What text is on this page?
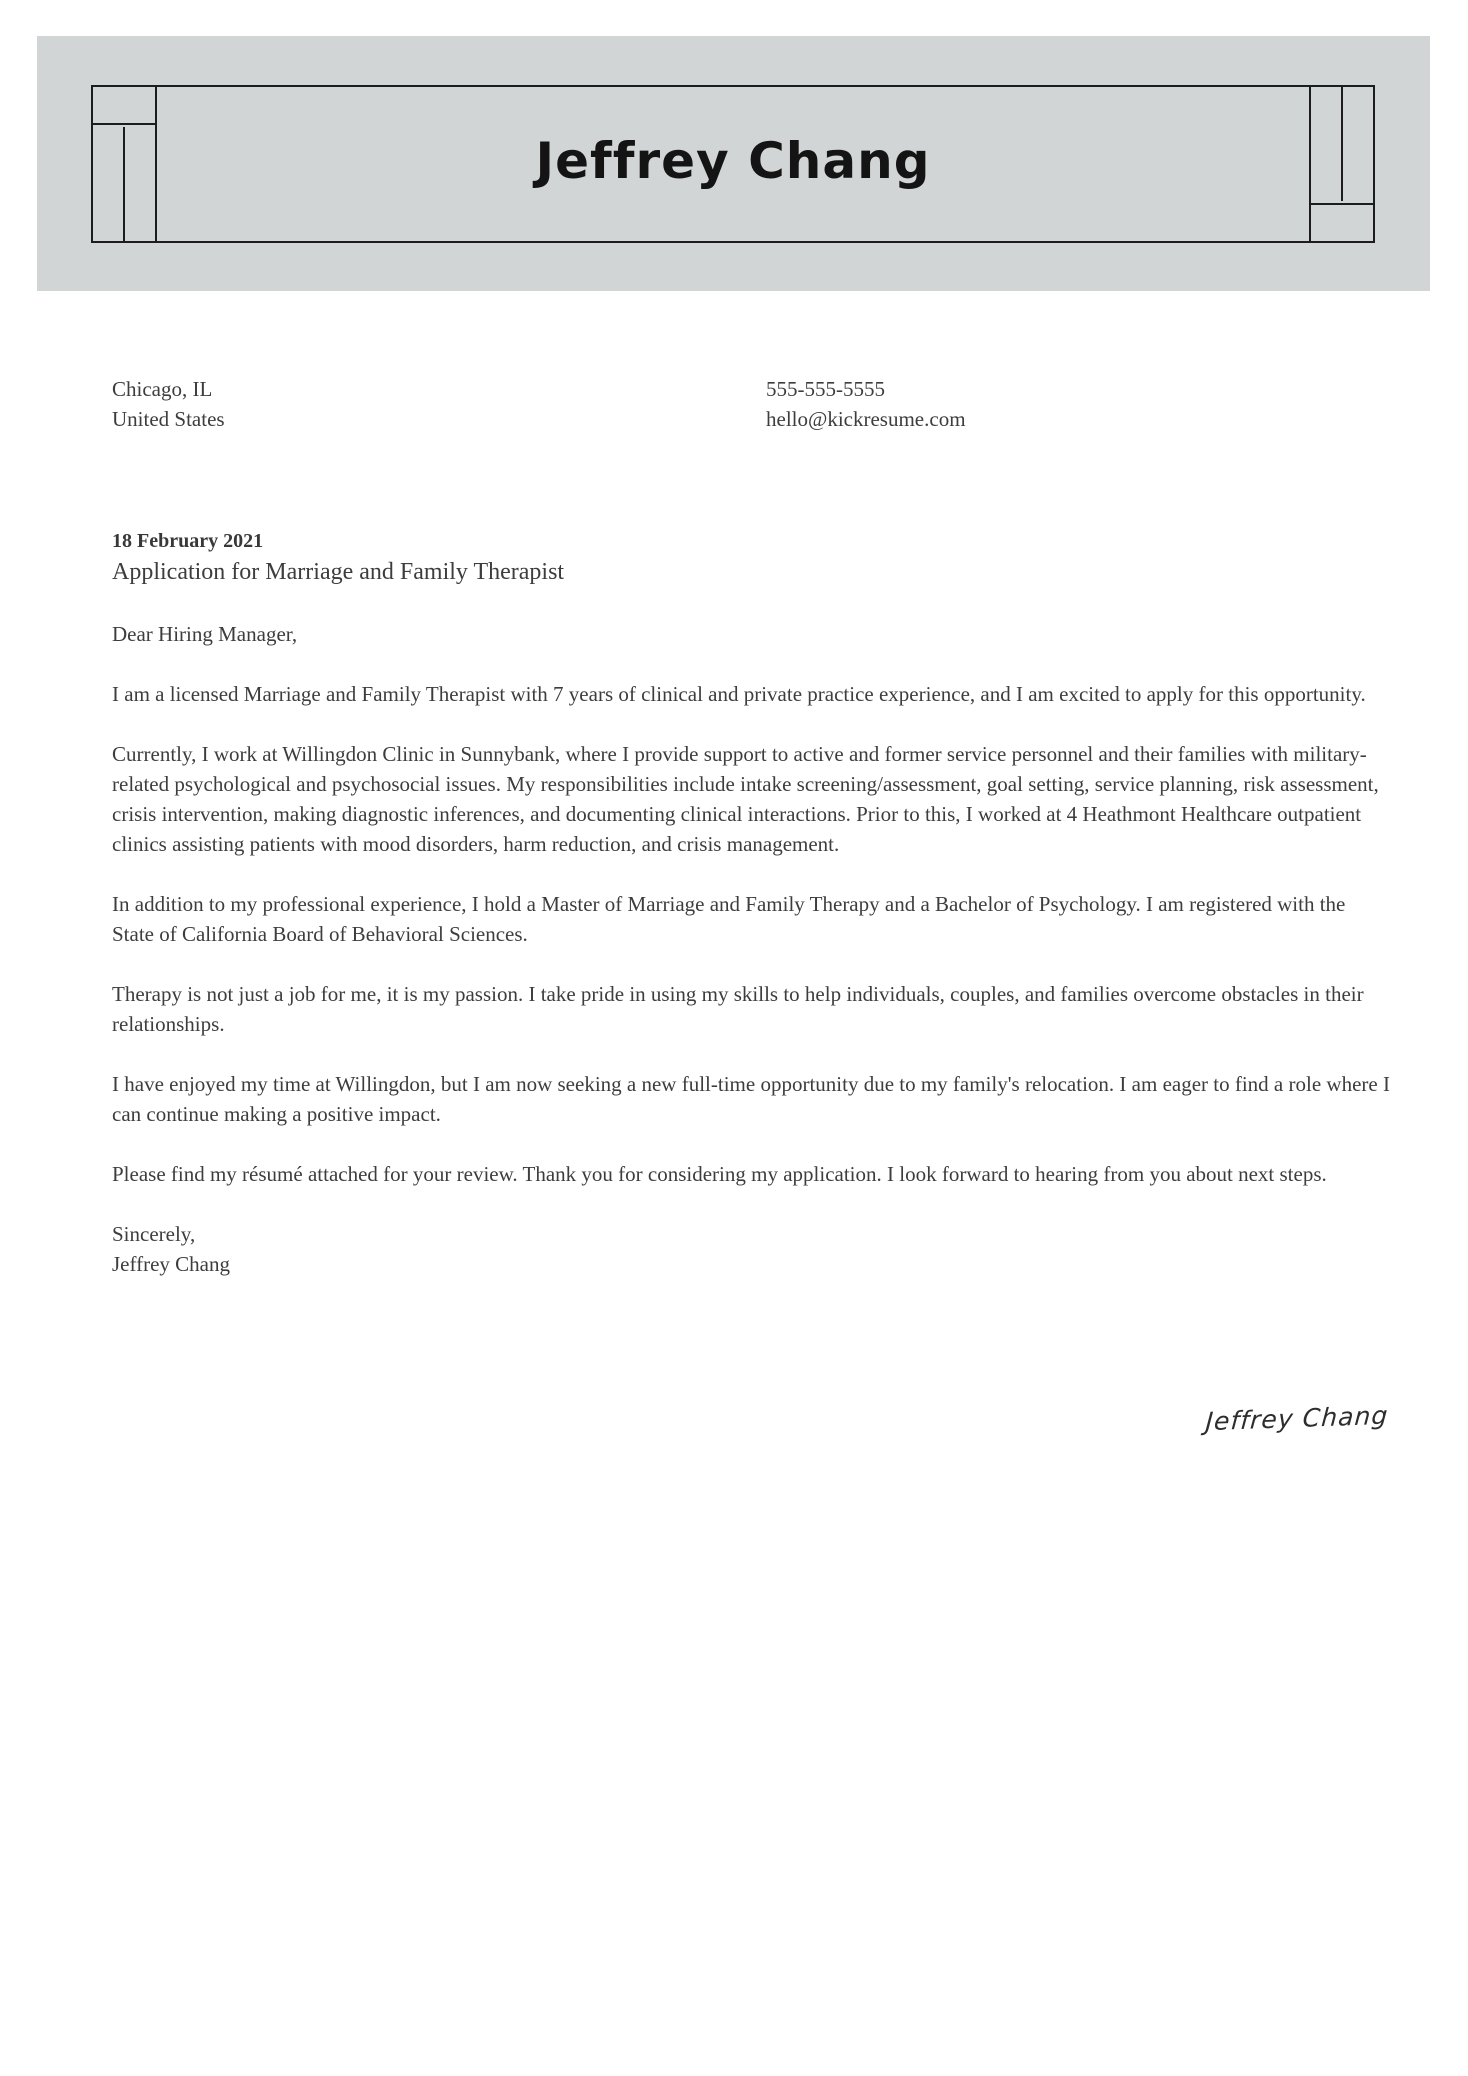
Jeffrey Chang
Chicago, IL
United States
555-555-5555
hello@kickresume.com
18 February 2021
Application for Marriage and Family Therapist
Dear Hiring Manager,

I am a licensed Marriage and Family Therapist with 7 years of clinical and private practice experience, and I am excited to apply for this opportunity.

Currently, I work at Willingdon Clinic in Sunnybank, where I provide support to active and former service personnel and their families with military-related psychological and psychosocial issues. My responsibilities include intake screening/assessment, goal setting, service planning, risk assessment, crisis intervention, making diagnostic inferences, and documenting clinical interactions. Prior to this, I worked at 4 Heathmont Healthcare outpatient clinics assisting patients with mood disorders, harm reduction, and crisis management.

In addition to my professional experience, I hold a Master of Marriage and Family Therapy and a Bachelor of Psychology. I am registered with the State of California Board of Behavioral Sciences.

Therapy is not just a job for me, it is my passion. I take pride in using my skills to help individuals, couples, and families overcome obstacles in their relationships.

I have enjoyed my time at Willingdon, but I am now seeking a new full-time opportunity due to my family's relocation. I am eager to find a role where I can continue making a positive impact.

Please find my résumé attached for your review. Thank you for considering my application. I look forward to hearing from you about next steps.

Sincerely,
Jeffrey Chang
Jeffrey Chang
